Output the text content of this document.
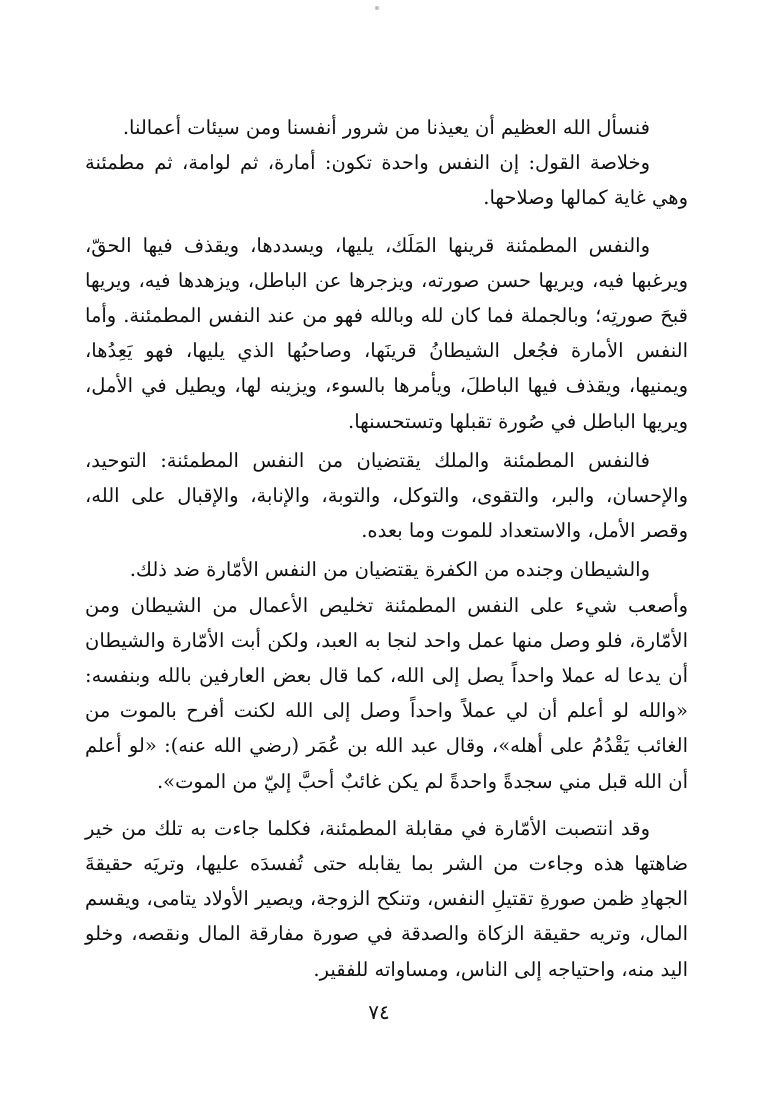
فنسأل الله العظيم أن يعيذنا من شرور أنفسنا ومن سيئات أعمالنا.

وخلاصة القول: إن النفس واحدة تكون: أمارة، ثم لوامة، ثم مطمئنة وهي غاية كمالها وصلاحها.

والنفس المطمئنة قرينها المَلَك، يليها، ويسددها، ويقذف فيها الحقّ، ويرغبها فيه، ويريها حسن صورته، ويزجرها عن الباطل، ويزهدها فيه، ويريها قبحَ صورتِه؛ وبالجملة فما كان لله وبالله فهو من عند النفس المطمئنة. وأما النفس الأمارة فجُعل الشيطانُ قرينَها، وصاحبُها الذي يليها، فهو يَعِدُها، ويمنيها، ويقذف فيها الباطلَ، ويأمرها بالسوء، ويزينه لها، ويطيل في الأمل، ويريها الباطل في صُورة تقبلها وتستحسنها.

فالنفس المطمئنة والملك يقتضيان من النفس المطمئنة: التوحيد، والإحسان، والبر، والتقوى، والتوكل، والتوبة، والإنابة، والإقبال على الله، وقصر الأمل، والاستعداد للموت وما بعده.

والشيطان وجنده من الكفرة يقتضيان من النفس الأمّارة ضد ذلك.

وأصعب شيء على النفس المطمئنة تخليص الأعمال من الشيطان ومن الأمّارة، فلو وصل منها عمل واحد لنجا به العبد، ولكن أبت الأمّارة والشيطان أن يدعا له عملا واحداً يصل إلى الله، كما قال بعض العارفين بالله وبنفسه: «والله لو أعلم أن لي عملاً واحداً وصل إلى الله لكنت أفرح بالموت من الغائب يَقْدُمُ على أهله»، وقال عبد الله بن عُمَر (رضي الله عنه): «لو أعلم أن الله قبل مني سجدةً واحدةً لم يكن غائبٌ أحبَّ إليّ من الموت».

وقد انتصبت الأمّارة في مقابلة المطمئنة، فكلما جاءت به تلك من خير ضاهتها هذه وجاءت من الشر بما يقابله حتى تُفسدَه عليها، وتريَه حقيقةَ الجهادِ ظمن صورةِ تقتيلِ النفس، وتنكح الزوجة، ويصير الأولاد يتامى، ويقسم المال، وتريه حقيقة الزكاة والصدقة في صورة مفارقة المال ونقصه، وخلو اليد منه، واحتياجه إلى الناس، ومساواته للفقير.

٧٤
